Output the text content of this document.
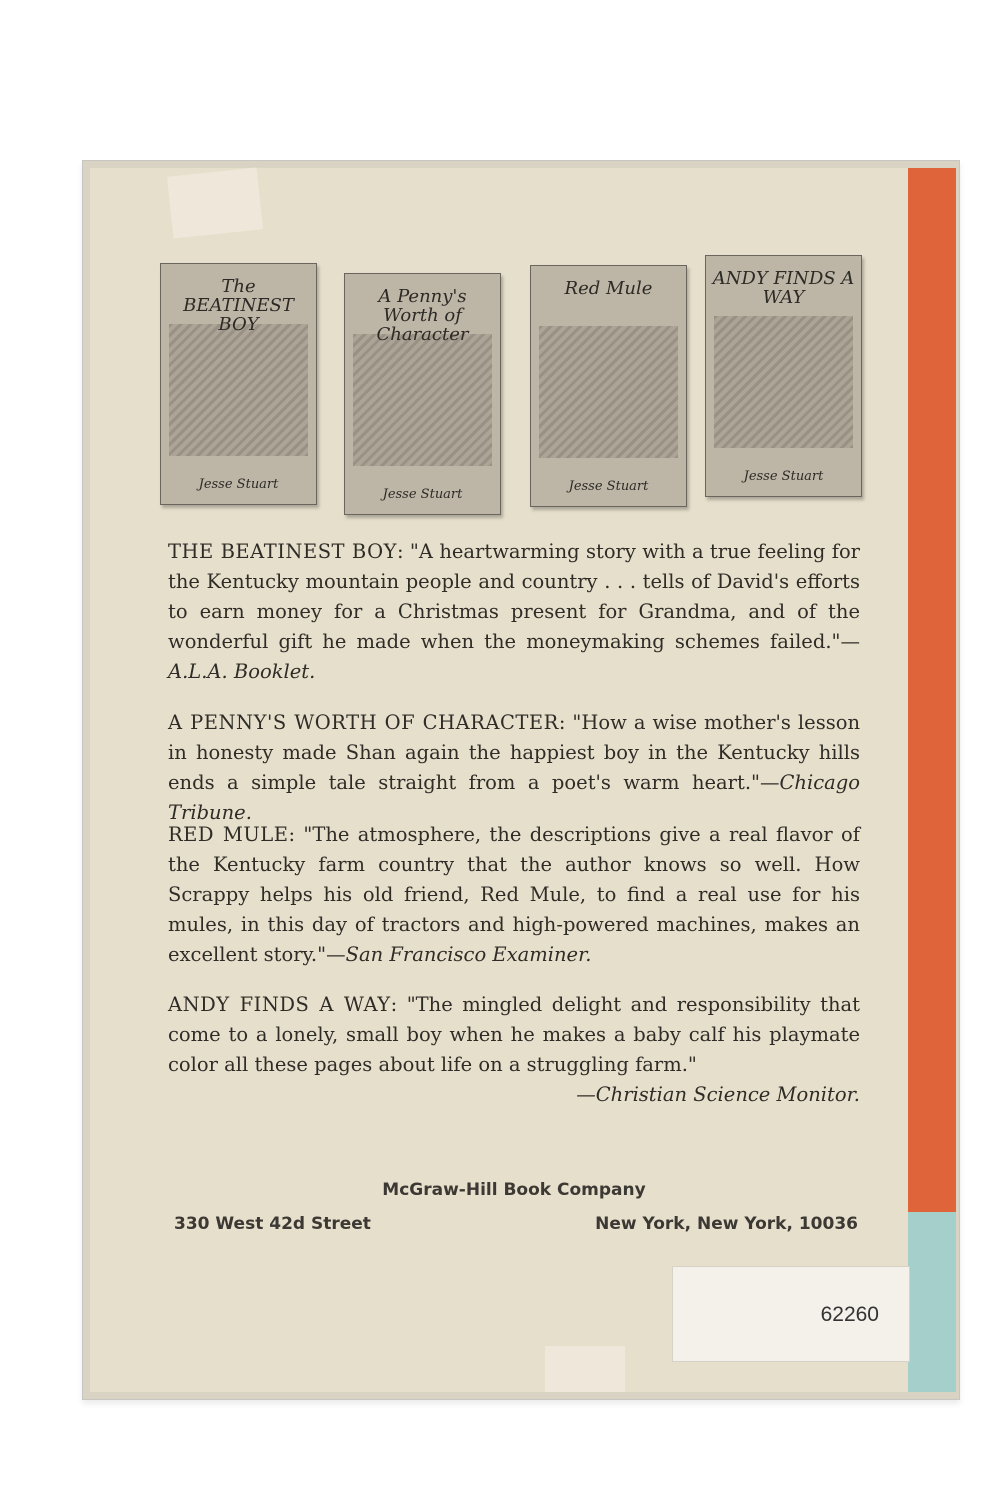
The BEATINEST BOY
Jesse Stuart
A Penny's Worth of Character
Jesse Stuart
Red Mule
Jesse Stuart
ANDY FINDS A WAY
Jesse Stuart

THE BEATINEST BOY: "A heartwarming story with a true feeling for the Kentucky mountain people and country . . . tells of David's efforts to earn money for a Christmas present for Grandma, and of the wonderful gift he made when the moneymaking schemes failed."—A.L.A. Booklet.

A PENNY'S WORTH OF CHARACTER: "How a wise mother's lesson in honesty made Shan again the happiest boy in the Kentucky hills ends a simple tale straight from a poet's warm heart."—Chicago Tribune.

RED MULE: "The atmosphere, the descriptions give a real flavor of the Kentucky farm country that the author knows so well. How Scrappy helps his old friend, Red Mule, to find a real use for his mules, in this day of tractors and high-powered machines, makes an excellent story."—San Francisco Examiner.

ANDY FINDS A WAY: "The mingled delight and responsibility that come to a lonely, small boy when he makes a baby calf his playmate color all these pages about life on a struggling farm."

—Christian Science Monitor.

McGraw-Hill Book Company
330 West 42d Street	New York, New York, 10036
62260
